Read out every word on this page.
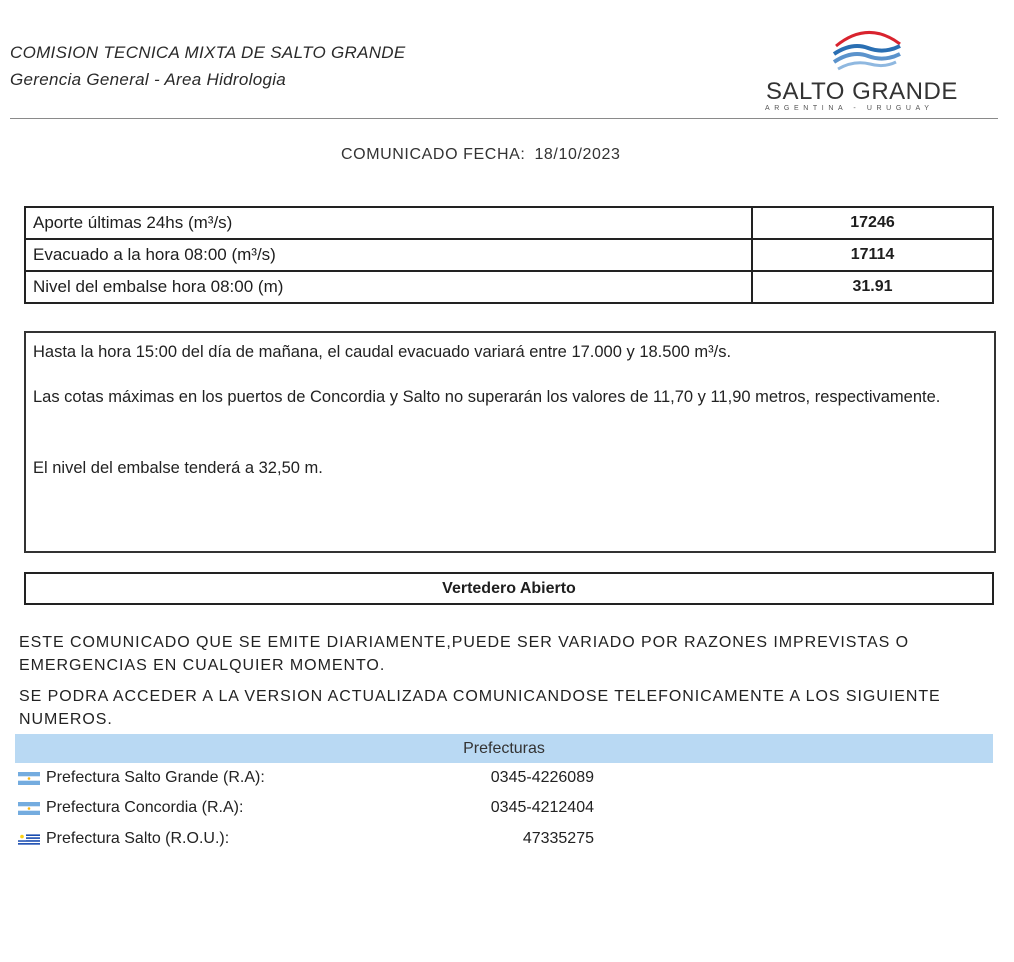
COMISION TECNICA MIXTA DE SALTO GRANDE
Gerencia General - Area Hidrologia	SALTO GRANDE
ARGENTINA - URUGUAY
COMUNICADO FECHA: 18/10/2023
Aporte últimas 24hs (m³/s)	17246
Evacuado a la hora 08:00 (m³/s)	17114
Nivel del embalse hora 08:00 (m)	31.91

Hasta la hora 15:00 del día de mañana, el caudal evacuado variará entre 17.000 y 18.500 m³/s.

Las cotas máximas en los puertos de Concordia y Salto no superarán los valores de 11,70 y 11,90 metros, respectivamente.

El nivel del embalse tenderá a 32,50 m.

Vertedero Abierto
ESTE COMUNICADO QUE SE EMITE DIARIAMENTE,PUEDE SER VARIADO POR RAZONES IMPREVISTAS O EMERGENCIAS EN CUALQUIER MOMENTO.
SE PODRA ACCEDER A LA VERSION ACTUALIZADA COMUNICANDOSE TELEFONICAMENTE A LOS SIGUIENTE NUMEROS.
Prefecturas
Prefectura Salto Grande (R.A):	0345-4226089
Prefectura Concordia (R.A):	0345-4212404
Prefectura Salto (R.O.U.):	47335275
